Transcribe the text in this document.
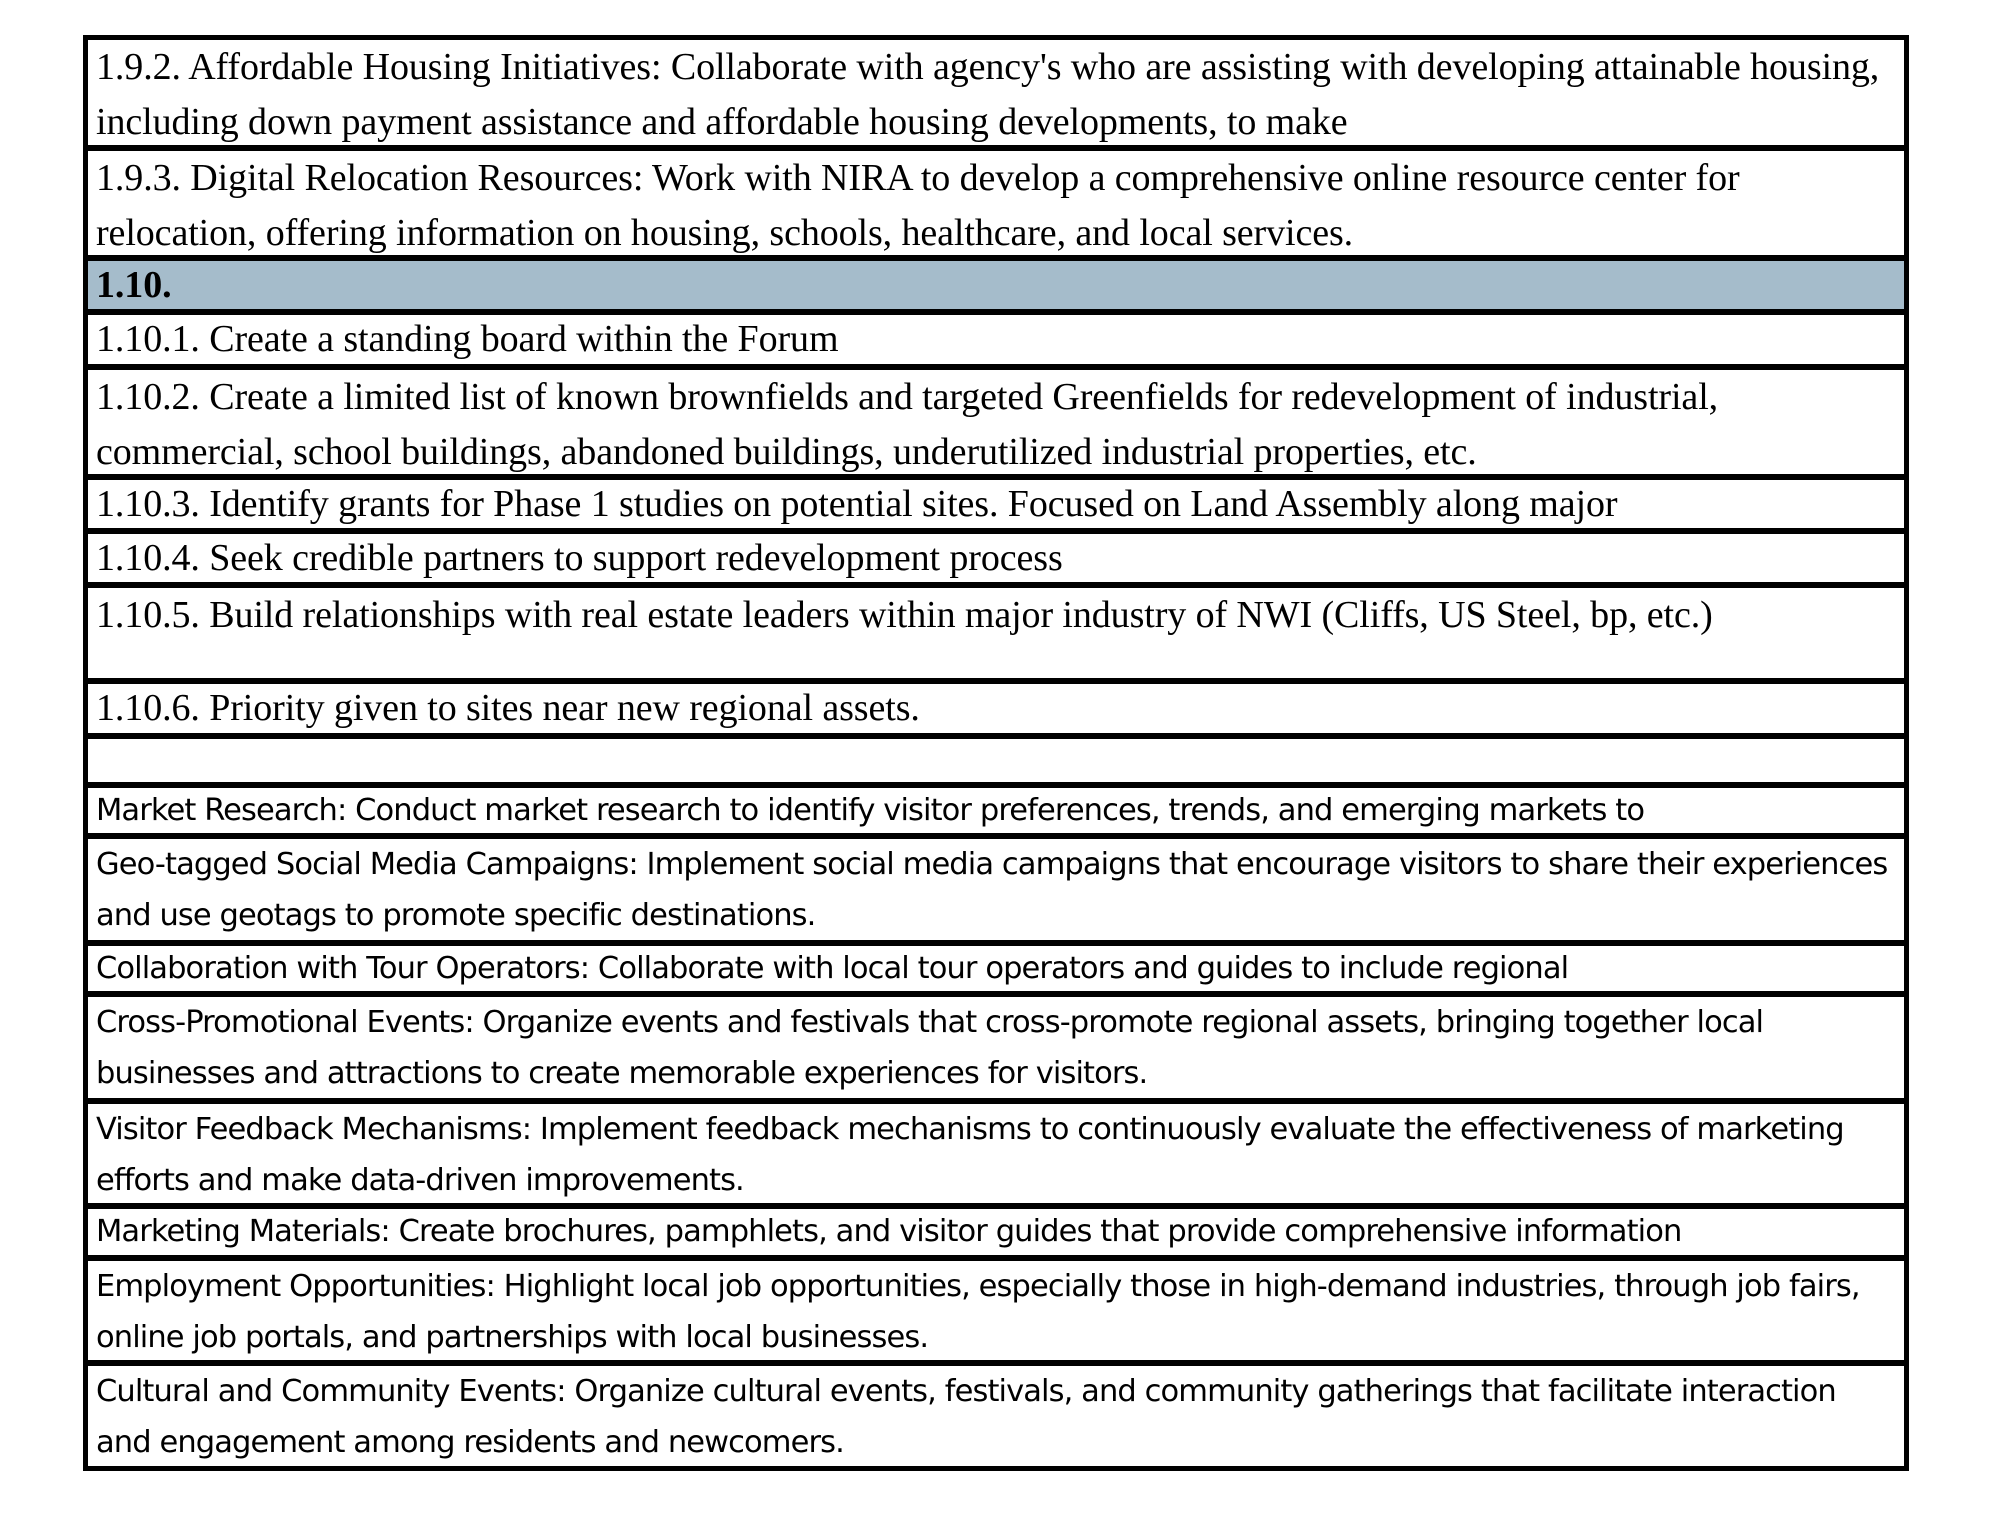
1.9.2. Affordable Housing Initiatives: Collaborate with agency's who are assisting with developing attainable housing, including down payment assistance and affordable housing developments, to make
1.9.3. Digital Relocation Resources: Work with NIRA to develop a comprehensive online resource center for relocation, offering information on housing, schools, healthcare, and local services.
1.10.
1.10.1. Create a standing board within the Forum
1.10.2. Create a limited list of known brownfields and targeted Greenfields for redevelopment of industrial, commercial, school buildings, abandoned buildings, underutilized industrial properties, etc.
1.10.3. Identify grants for Phase 1 studies on potential sites. Focused on Land Assembly along major
1.10.4. Seek credible partners to support redevelopment process
1.10.5. Build relationships with real estate leaders within major industry of NWI (Cliffs, US Steel, bp, etc.)
1.10.6. Priority given to sites near new regional assets.
Market Research: Conduct market research to identify visitor preferences, trends, and emerging markets to
Geo-tagged Social Media Campaigns: Implement social media campaigns that encourage visitors to share their experiences and use geotags to promote specific destinations.
Collaboration with Tour Operators: Collaborate with local tour operators and guides to include regional
Cross-Promotional Events: Organize events and festivals that cross-promote regional assets, bringing together local businesses and attractions to create memorable experiences for visitors.
Visitor Feedback Mechanisms: Implement feedback mechanisms to continuously evaluate the effectiveness of marketing efforts and make data-driven improvements.
Marketing Materials: Create brochures, pamphlets, and visitor guides that provide comprehensive information
Employment Opportunities: Highlight local job opportunities, especially those in high-demand industries, through job fairs, online job portals, and partnerships with local businesses.
Cultural and Community Events: Organize cultural events, festivals, and community gatherings that facilitate interaction and engagement among residents and newcomers.
